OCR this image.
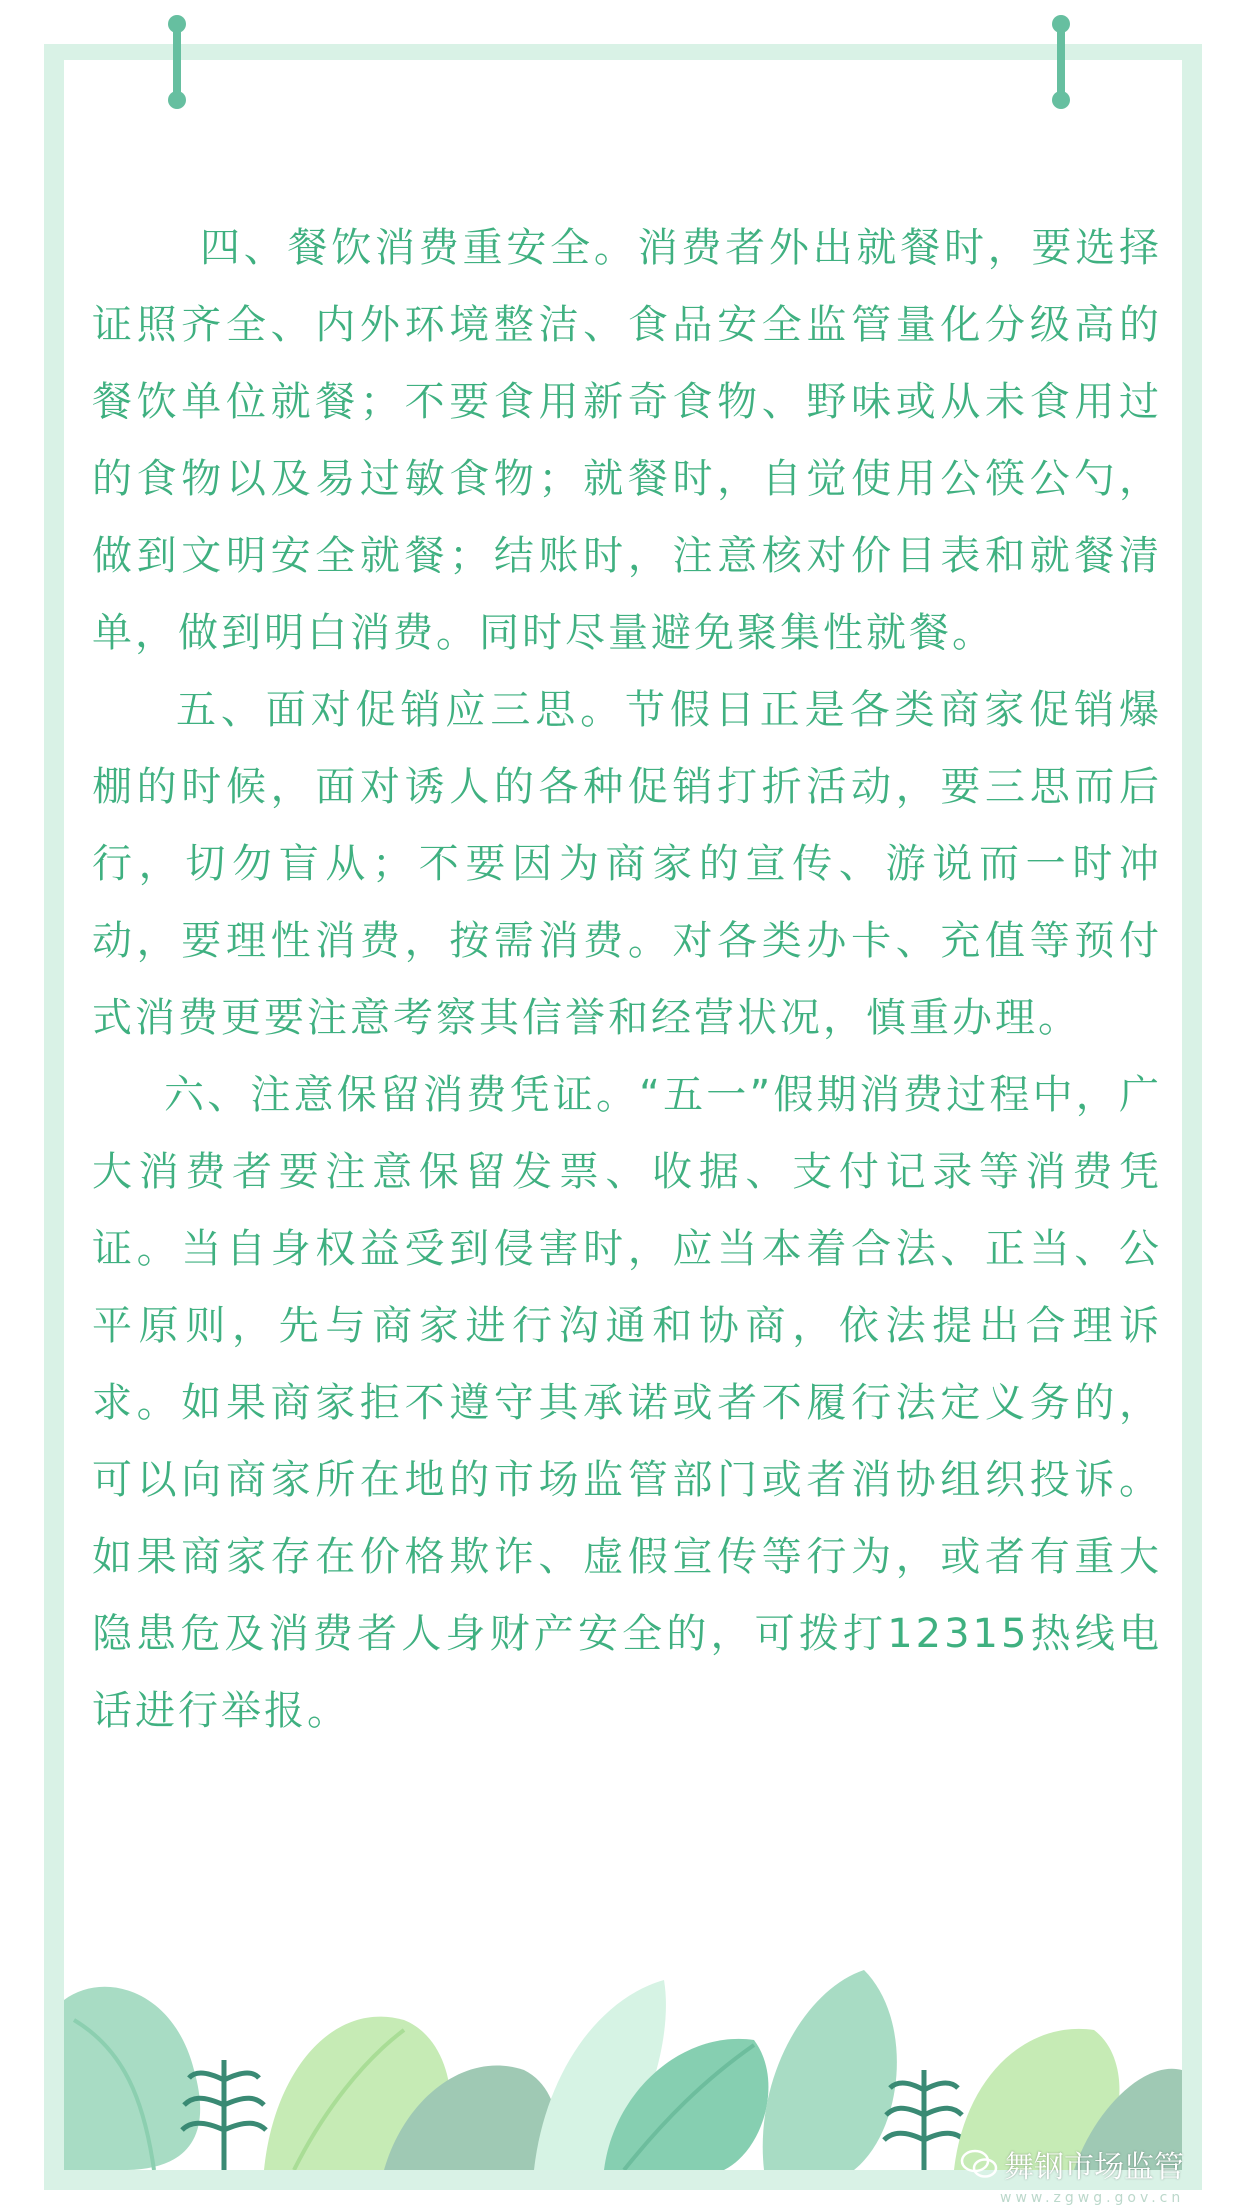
四、餐饮消费重安全。消费者外出就餐时，要选择证照齐全、内外环境整洁、食品安全监管量化分级高的餐饮单位就餐；不要食用新奇食物、野味或从未食用过的食物以及易过敏食物；就餐时，自觉使用公筷公勺，做到文明安全就餐；结账时，注意核对价目表和就餐清单，做到明白消费。同时尽量避免聚集性就餐。

五、面对促销应三思。节假日正是各类商家促销爆棚的时候，面对诱人的各种促销打折活动，要三思而后行，切勿盲从；不要因为商家的宣传、游说而一时冲动，要理性消费，按需消费。对各类办卡、充值等预付式消费更要注意考察其信誉和经营状况，慎重办理。

六、注意保留消费凭证。“五一”假期消费过程中，广大消费者要注意保留发票、收据、支付记录等消费凭证。当自身权益受到侵害时，应当本着合法、正当、公平原则，先与商家进行沟通和协商，依法提出合理诉求。如果商家拒不遵守其承诺或者不履行法定义务的，可以向商家所在地的市场监管部门或者消协组织投诉。如果商家存在价格欺诈、虚假宣传等行为，或者有重大隐患危及消费者人身财产安全的，可拨打12315热线电话进行举报。

舞钢市场监管
www.zgwg.gov.cn
